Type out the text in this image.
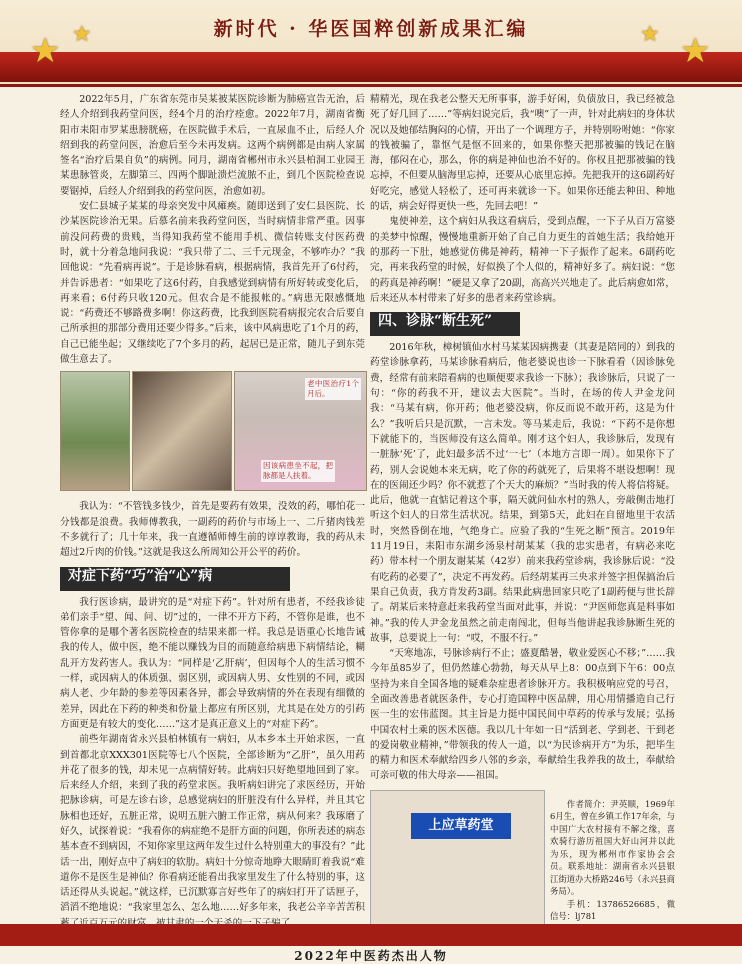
★ ★	★ ★
新时代 · 华医国粹创新成果汇编

2022年5月，广东省东莞市吴某被某医院诊断为肺癌宣告无治，后经人介绍到我药堂问医，经4个月的治疗痊愈。2022年7月，湖南省衡阳市耒阳市罗某患膀胱癌，在医院做手术后，一直尿血不止，后经人介绍到我的药堂问医，治愈后至今未再发病。这两个病例都是由病人家属签名“治疗后果自负”的病例。同月，湖南省郴州市永兴县柏洞工业园王某患脉管炎，左脚第三、四两个脚趾溃烂流脓不止，到几个医院检查说要锯掉，后经人介绍到我的药堂问医，治愈如初。

安仁县城子某某的母亲突发中风瘫痪。随即送到了安仁县医院、长沙某医院诊治无果。后慕名前来我药堂问医，当时病情非常严重。因事前没问药费的贵贱，当得知我药堂不能用手机、微信转账支付医药费时，就十分着急地问我说：“我只带了二、三千元现金，不够咋办？”我回他说：“先看病再说”。于是诊脉看病，根据病情，我首先开了6付药，并告诉患者：“如果吃了这6付药，自我感觉到病情有所好转或变化后，再来看；6付药只收120元。但农合是不能报帐的。”病患无限感慨地说：“药费还不够路费多啊！你这药费，比我到医院看病报完农合后要自己所承担的那部分费用还要少得多。”后来，该中风病患吃了1个月的药，自己已能坐起；又继续吃了7个多月的药，起居已是正常，随儿子到东莞做生意去了。

老中医治疗1个月后。
因该病患坐不起，把脉都是人扶着。

我认为：“不管钱多钱少，首先是要药有效果，没效的药，哪怕花一分钱都是浪费。我师傅教我，一副药的药价与市场上一、二斤猪肉钱差不多就行了；几十年来，我一直遵循师傅生前的谆谆教诲，我的药从未超过2斤肉的价钱。”这就是我这么所周知公开公平的药价。

对症下药“巧”治“心”病

我行医诊病，最讲究的是“对症下药”。针对所有患者，不经我诊徒弟们亲手“望、闻、问、切”过的，一律不开方下药，不管你是谁，也不管你拿的是哪个著名医院检查的结果来都一样。我总是语重心长地告诫我的传人，做中医，绝不能以赚钱为目的而随意给病患下病情结论，糊乱开方发药害人。我认为：“同样是‘乙肝病’，但因每个人的生活习惯不一样，或因病人的体质强、弱区别，或因病人男、女性别的不同，或因病人老、少年龄的参差等因素各异，都会导致病情的外在表现有细微的差异，因此在下药的种类和份量上都应有所区别，尤其是在处方的引药方面更是有较大的变化……”这才是真正意义上的“对症下药”。

前些年湖南省永兴县柏林镇有一病妇，从本乡本土开始求医，一直到首都北京XXX301医院等七八个医院，全部诊断为“乙肝”，虽久用药并花了很多的钱，却未见一点病情好转。此病妇只好绝望地回到了家。后来经人介绍，来到了我的药堂求医。我听病妇讲完了求医经历，开始把脉诊病，可是左诊右诊，总感觉病妇的肝脏没有什么异样，并且其它脉相也还好，五脏正常，说明五脏六腑工作正常，病从何来？我琢磨了好久，试探着说：“我看你的病症绝不是肝方面的问题，你所表述的病态基本查不到病因，不知你家里这两年发生过什么特别重大的事没有？”此话一出，刚好点中了病妇的软肋。病妇十分惊奇地睁大眼睛盯着我说“难道你不是医生是神仙？你看病还能看出我家里发生了什么特别的事，这话还得从头说起。”就这样，已沉默寡言好些年了的病妇打开了话匣子，滔滔不绝地说：“我家里怎么、怎么地……好多年来，我老公辛辛苦苦积

精精光，现在我老公整天无所事事，游手好闲，负债放日，我已经被急死了好几回了……”等病妇说完后，我“噢”了一声，针对此病妇的身体状况以及她郁结胸闷的心情，开出了一个调理方子，并特别吩咐她：“你家的钱被骗了，靠怄气是怄不回来的，如果你整天把那被骗的钱记在脑海，郁闷在心，那么，你的病是神仙也治不好的。你权且把那被骗的钱忘掉，不但要从脑海里忘掉，还要从心底里忘掉。先把我开的这6副药好好吃完，感觉人轻松了，还可再来就诊一下。如果你还能去种田、种地的话，病会好得更快一些，先回去吧！”

鬼使神差，这个病妇从我这看病后，受到点醒，一下子从百万富婆的美梦中惊醒，慢慢地重新开始了自己自力更生的首她生活；我给她开的那药一下肚，她感觉仿佛是神药，精神一下子振作了起来。6副药吃完，再来我药堂的时候，好似换了个人似的，精神好多了。病妇说：“您的药真是神药啊！”硬是又拿了20副，高高兴兴地走了。此后病愈如常，后来还从本村带来了好多的患者来药堂诊病。

四、诊脉“断生死”

2016年秋，樟树镇仙水村马某某因病携妻（其妻是陪同的）到我的药堂诊脉拿药，马某诊脉看病后，他老婆说也诊一下脉看看（因诊脉免费，经常有前来陪看病的也顺便要求我诊一下脉）；我诊脉后，只说了一句：“你的药我不开，建议去大医院”。当时，在场的传人尹金龙问我：“马某有病，你开药；他老婆没病，你反而说不敢开药，这是为什么？”我听后只是沉默，一言未发。等马某走后，我说：“下药不是你想下就能下的，当医师没有这么简单。刚才这个妇人，我诊脉后，发现有一脏脉‘死’了，此妇最多活不过‘一七’（本地方言即一周）。如果你下了药，别人会说她本来无病，吃了你的药就死了，后果将不堪设想啊！现在的医闹还少吗？你不就惹了个天大的麻烦？”当时我的传人将信将疑。此后，他就一直惦记着这个事，隔天就问仙水村的熟人，旁敲侧击地打听这个妇人的日常生活状况。结果，到第5天，此妇在自留地里干农活时，突然昏倒在地，气绝身亡。应验了我的“生死之断”预言。2019年11月19日，耒阳市东湖乡汤泉村胡某某（我的忠实患者，有病必来吃药）带本村一个朋友谢某某（42岁）前来我药堂诊病，我诊脉后说：“没有吃药的必要了”，决定不再发药。后经胡某再三央求并签字担保搞治后果自己负责，我方肯发药3副。结果此病患回家只吃了1副药便与世长辞了。胡某后来特意赶来我药堂当面对此事，并说：“尹医师您真是料事如神。”我的传人尹金龙虽然之前走南闯北，但每当他讲起我诊脉断生死的故事，总要说上一句：“哎，不服不行。”

“天寒地冻，号脉诊病行不止；盛夏酷暑，敬业爱医心不移；”……我今年虽85岁了，但仍然雄心勃勃，每天从早上8：00点到下午6：00点坚持为来自全国各地的疑难杂症患者诊脉开方。我积极响应党的号召，全面改善患者就医条件，专心打造国粹中医品牌，用心用情播造自己行医一生的宏伟蓝图。其主旨是力挺中国民间中草药的传承与发展；弘扬中国农村土乘的医术医德。我以几十年如一日“活到老、学到老、干到老的爱岗敬业精神，”带领我的传人一道，以“为民诊病开方”为乐，把毕生的精力和医术奉献给四乡八邻的乡亲，奉献给生我养我的故土，奉献给可亲可敬的伟大母亲——祖国。

上应草药堂

作者简介：尹英顺，1969年6月生，曾在乡镇工作17年余，与中国广大农村接有不解之缘，喜欢骑行游历祖国大好山河并以此为乐，现为郴州市作家协会会员。联系地址：湖南省永兴县银江街道办大桥路246号（永兴县商务局）。

手机：13786526685，微信号：lj781

2022年中医药杰出人物
